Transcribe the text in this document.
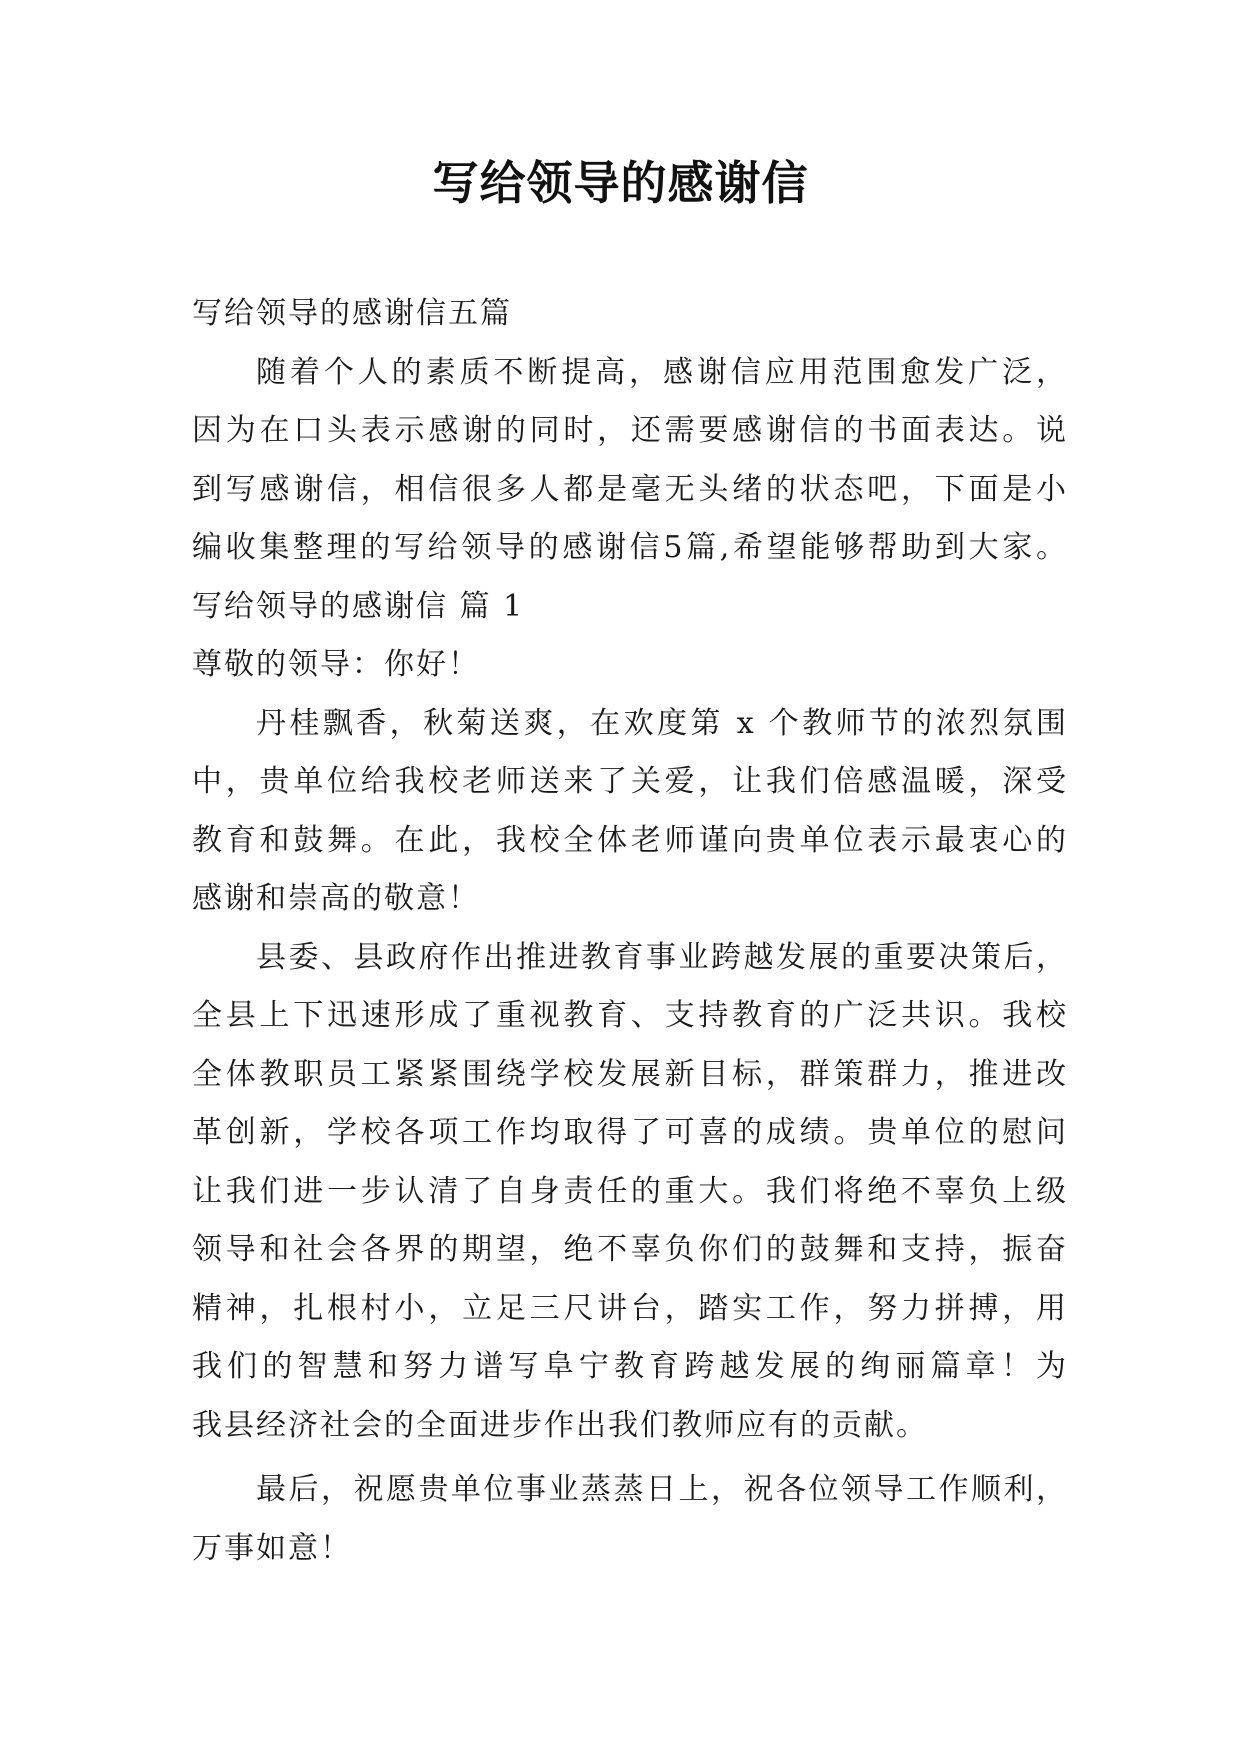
写给领导的感谢信
写给领导的感谢信五篇
随着个人的素质不断提高，感谢信应用范围愈发广泛，
因为在口头表示感谢的同时，还需要感谢信的书面表达。说
到写感谢信，相信很多人都是毫无头绪的状态吧，下面是小
编收集整理的写给领导的感谢信5篇,希望能够帮助到大家。
写给领导的感谢信 篇 1
尊敬的领导：你好！
丹桂飘香，秋菊送爽，在欢度第 x 个教师节的浓烈氛围
中，贵单位给我校老师送来了关爱，让我们倍感温暖，深受
教育和鼓舞。在此，我校全体老师谨向贵单位表示最衷心的
感谢和崇高的敬意！
县委、县政府作出推进教育事业跨越发展的重要决策后，
全县上下迅速形成了重视教育、支持教育的广泛共识。我校
全体教职员工紧紧围绕学校发展新目标，群策群力，推进改
革创新，学校各项工作均取得了可喜的成绩。贵单位的慰问
让我们进一步认清了自身责任的重大。我们将绝不辜负上级
领导和社会各界的期望，绝不辜负你们的鼓舞和支持，振奋
精神，扎根村小，立足三尺讲台，踏实工作，努力拼搏，用
我们的智慧和努力谱写阜宁教育跨越发展的绚丽篇章！为
我县经济社会的全面进步作出我们教师应有的贡献。
最后，祝愿贵单位事业蒸蒸日上，祝各位领导工作顺利，
万事如意！
